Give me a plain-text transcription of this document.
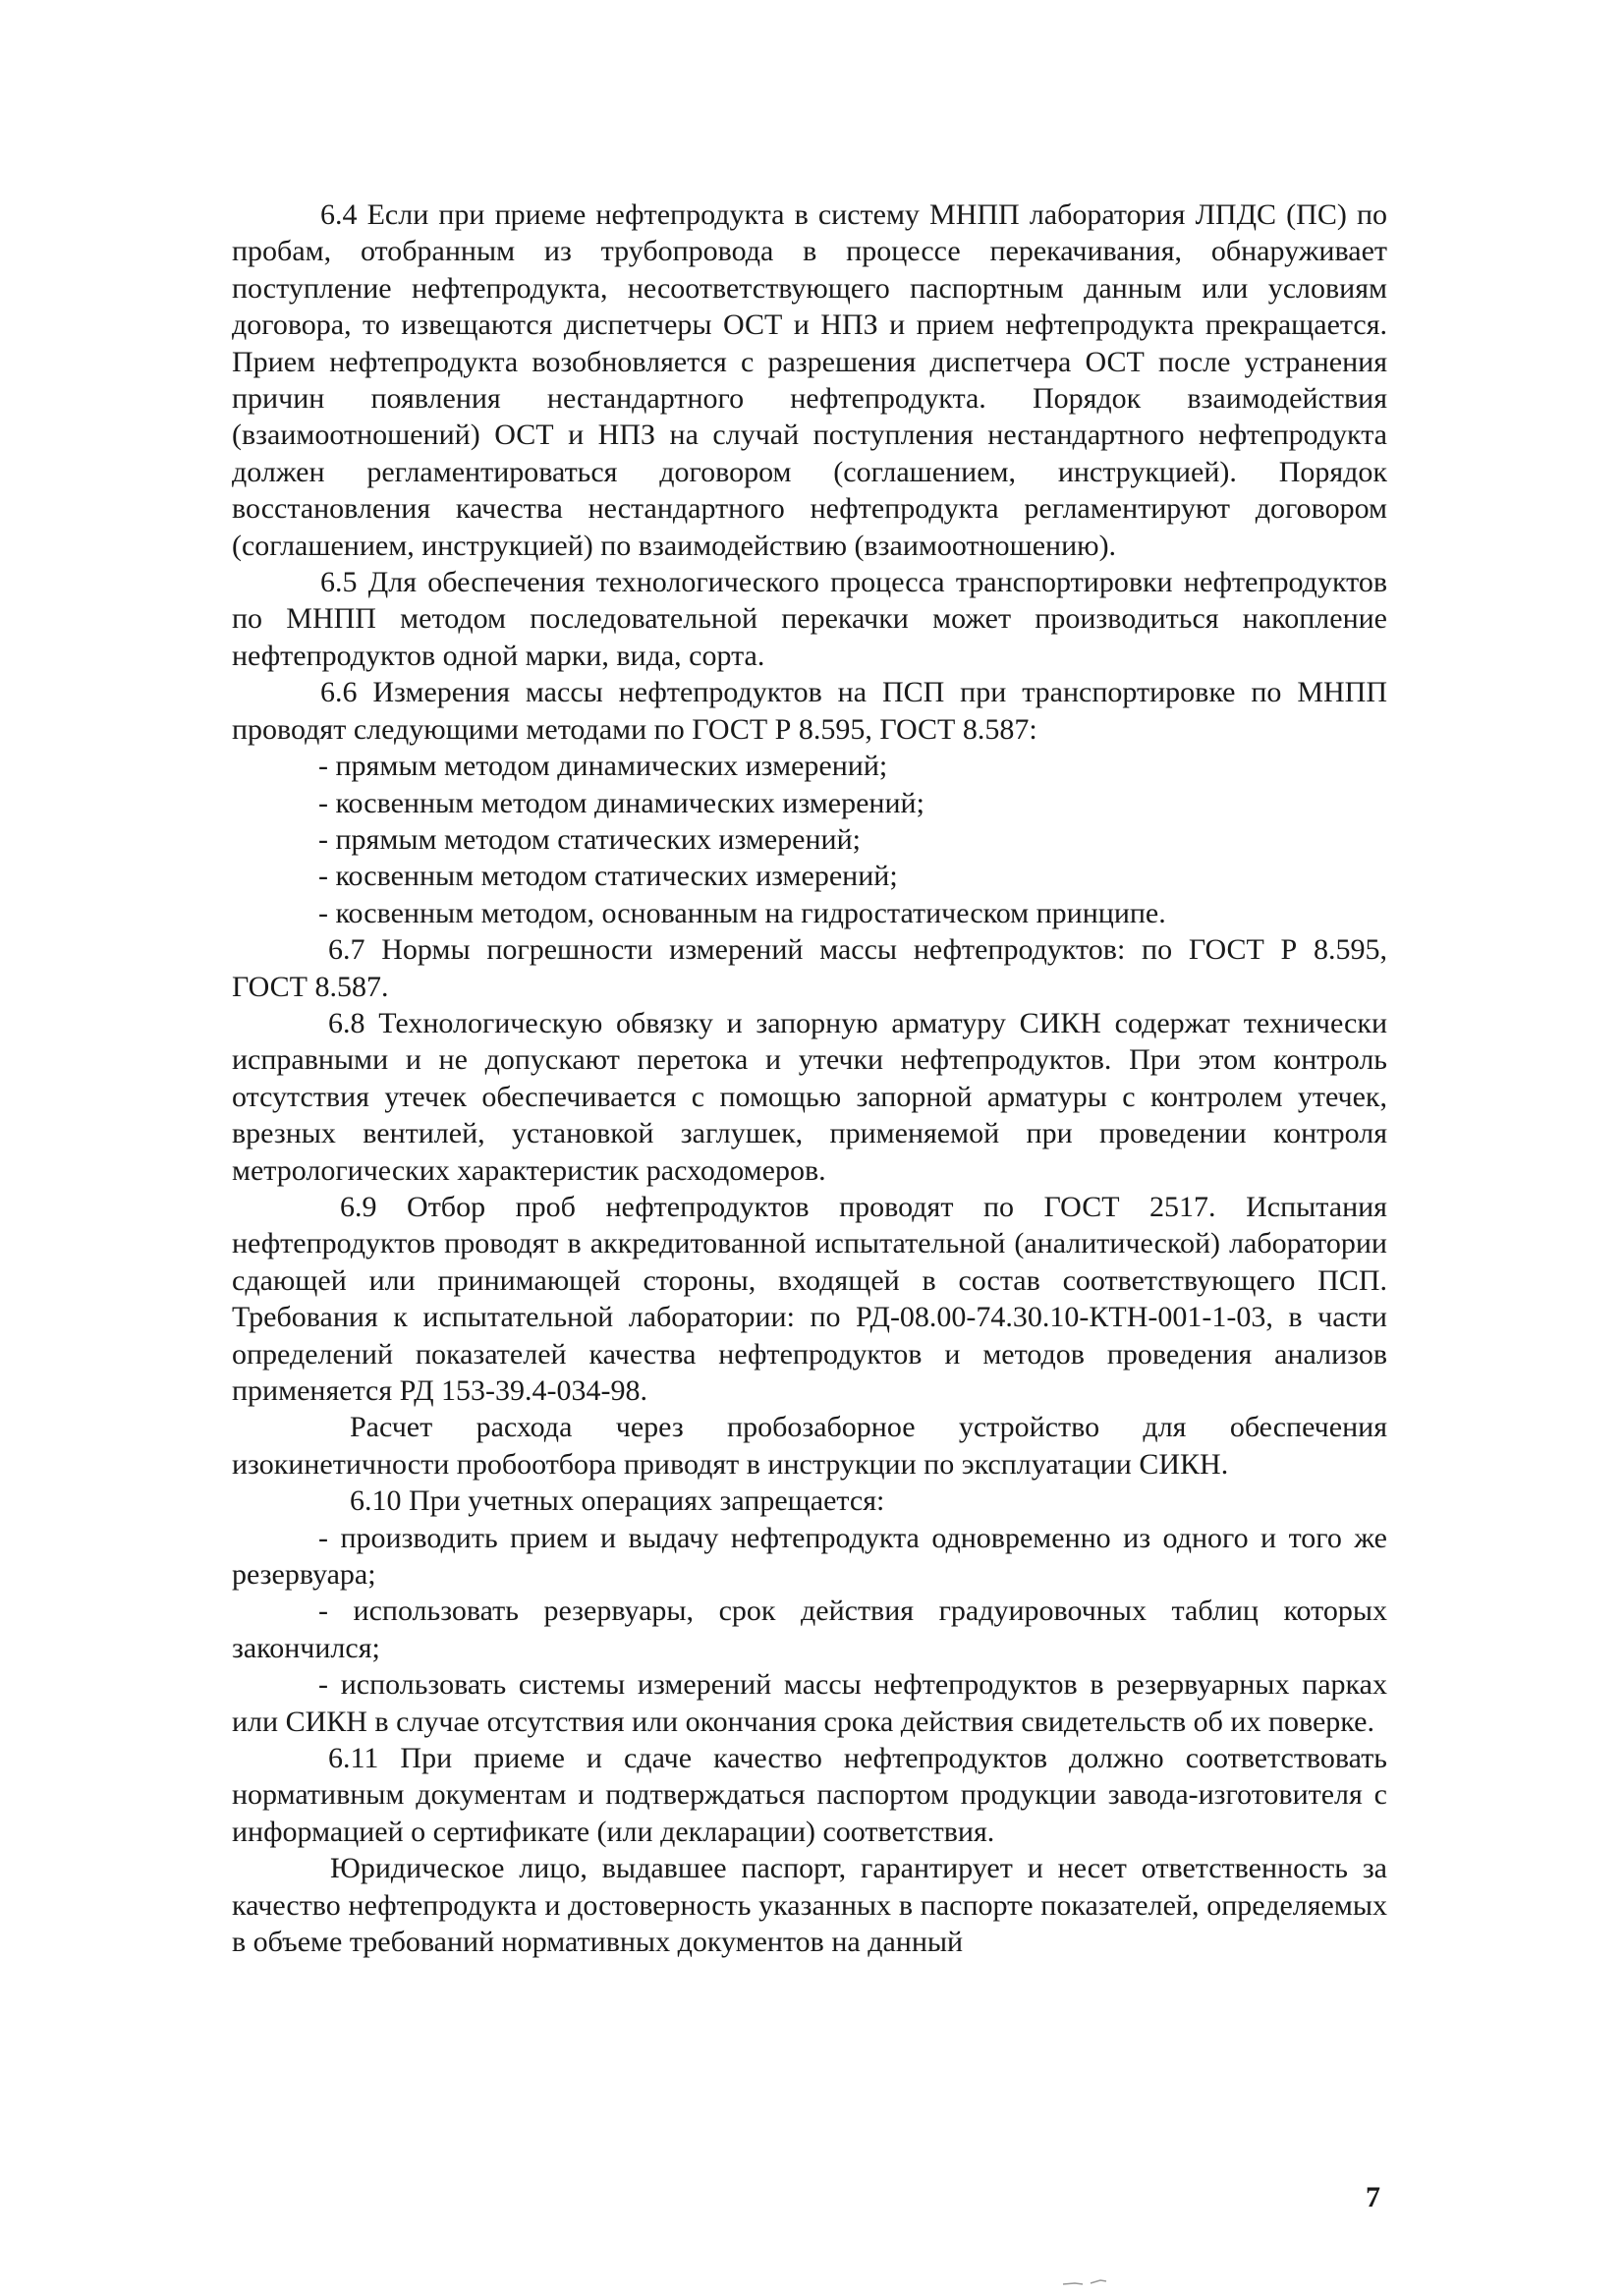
6.4 Если при приеме нефтепродукта в систему МНПП лаборатория ЛПДС (ПС) по пробам, отобранным из трубопровода в процессе перекачивания, обнаруживает поступление нефтепродукта, несоответствующего паспортным данным или условиям договора, то извещаются диспетчеры ОСТ и НПЗ и прием нефтепродукта прекращается. Прием нефтепродукта возобновляется с разрешения диспетчера ОСТ после устранения причин появления нестандартного нефтепродукта. Порядок взаимодействия (взаимоотношений) ОСТ и НПЗ на случай поступления нестандартного нефтепродукта должен регламентироваться договором (соглашением, инструкцией). Порядок восстановления качества нестандартного нефтепродукта регламентируют договором (соглашением, инструкцией) по взаимодействию (взаимоотношению).

6.5 Для обеспечения технологического процесса транспортировки нефтепродуктов по МНПП методом последовательной перекачки может производиться накопление нефтепродуктов одной марки, вида, сорта.

6.6 Измерения массы нефтепродуктов на ПСП при транспортировке по МНПП проводят следующими методами по ГОСТ Р 8.595, ГОСТ 8.587:

- прямым методом динамических измерений;

- косвенным методом динамических измерений;

- прямым методом статических измерений;

- косвенным методом статических измерений;

- косвенным методом, основанным на гидростатическом принципе.

6.7 Нормы погрешности измерений массы нефтепродуктов: по ГОСТ Р 8.595, ГОСТ 8.587.

6.8 Технологическую обвязку и запорную арматуру СИКН содержат технически исправными и не допускают перетока и утечки нефтепродуктов. При этом контроль отсутствия утечек обеспечивается с помощью запорной арматуры с контролем утечек, врезных вентилей, установкой заглушек, применяемой при проведении контроля метрологических характеристик расходомеров.

6.9 Отбор проб нефтепродуктов проводят по ГОСТ 2517. Испытания нефтепродуктов проводят в аккредитованной испытательной (аналитической) лаборатории сдающей или принимающей стороны, входящей в состав соответствующего ПСП. Требования к испытательной лаборатории: по РД-08.00-74.30.10-КТН-001-1-03, в части определений показателей качества нефтепродуктов и методов проведения анализов применяется РД 153-39.4-034-98.

Расчет расхода через пробозаборное устройство для обеспечения изокинетичности пробоотбора приводят в инструкции по эксплуатации СИКН.

6.10 При учетных операциях запрещается:

- производить прием и выдачу нефтепродукта одновременно из одного и того же резервуара;

- использовать резервуары, срок действия градуировочных таблиц которых закончился;

- использовать системы измерений массы нефтепродуктов в резервуарных парках или СИКН в случае отсутствия или окончания срока действия свидетельств об их поверке.

6.11 При приеме и сдаче качество нефтепродуктов должно соответствовать нормативным документам и подтверждаться паспортом продукции завода-изготовителя с информацией о сертификате (или декларации) соответствия.

Юридическое лицо, выдавшее паспорт, гарантирует и несет ответственность за качество нефтепродукта и достоверность указанных в паспорте показателей, определяемых в объеме требований нормативных документов на данный

7
